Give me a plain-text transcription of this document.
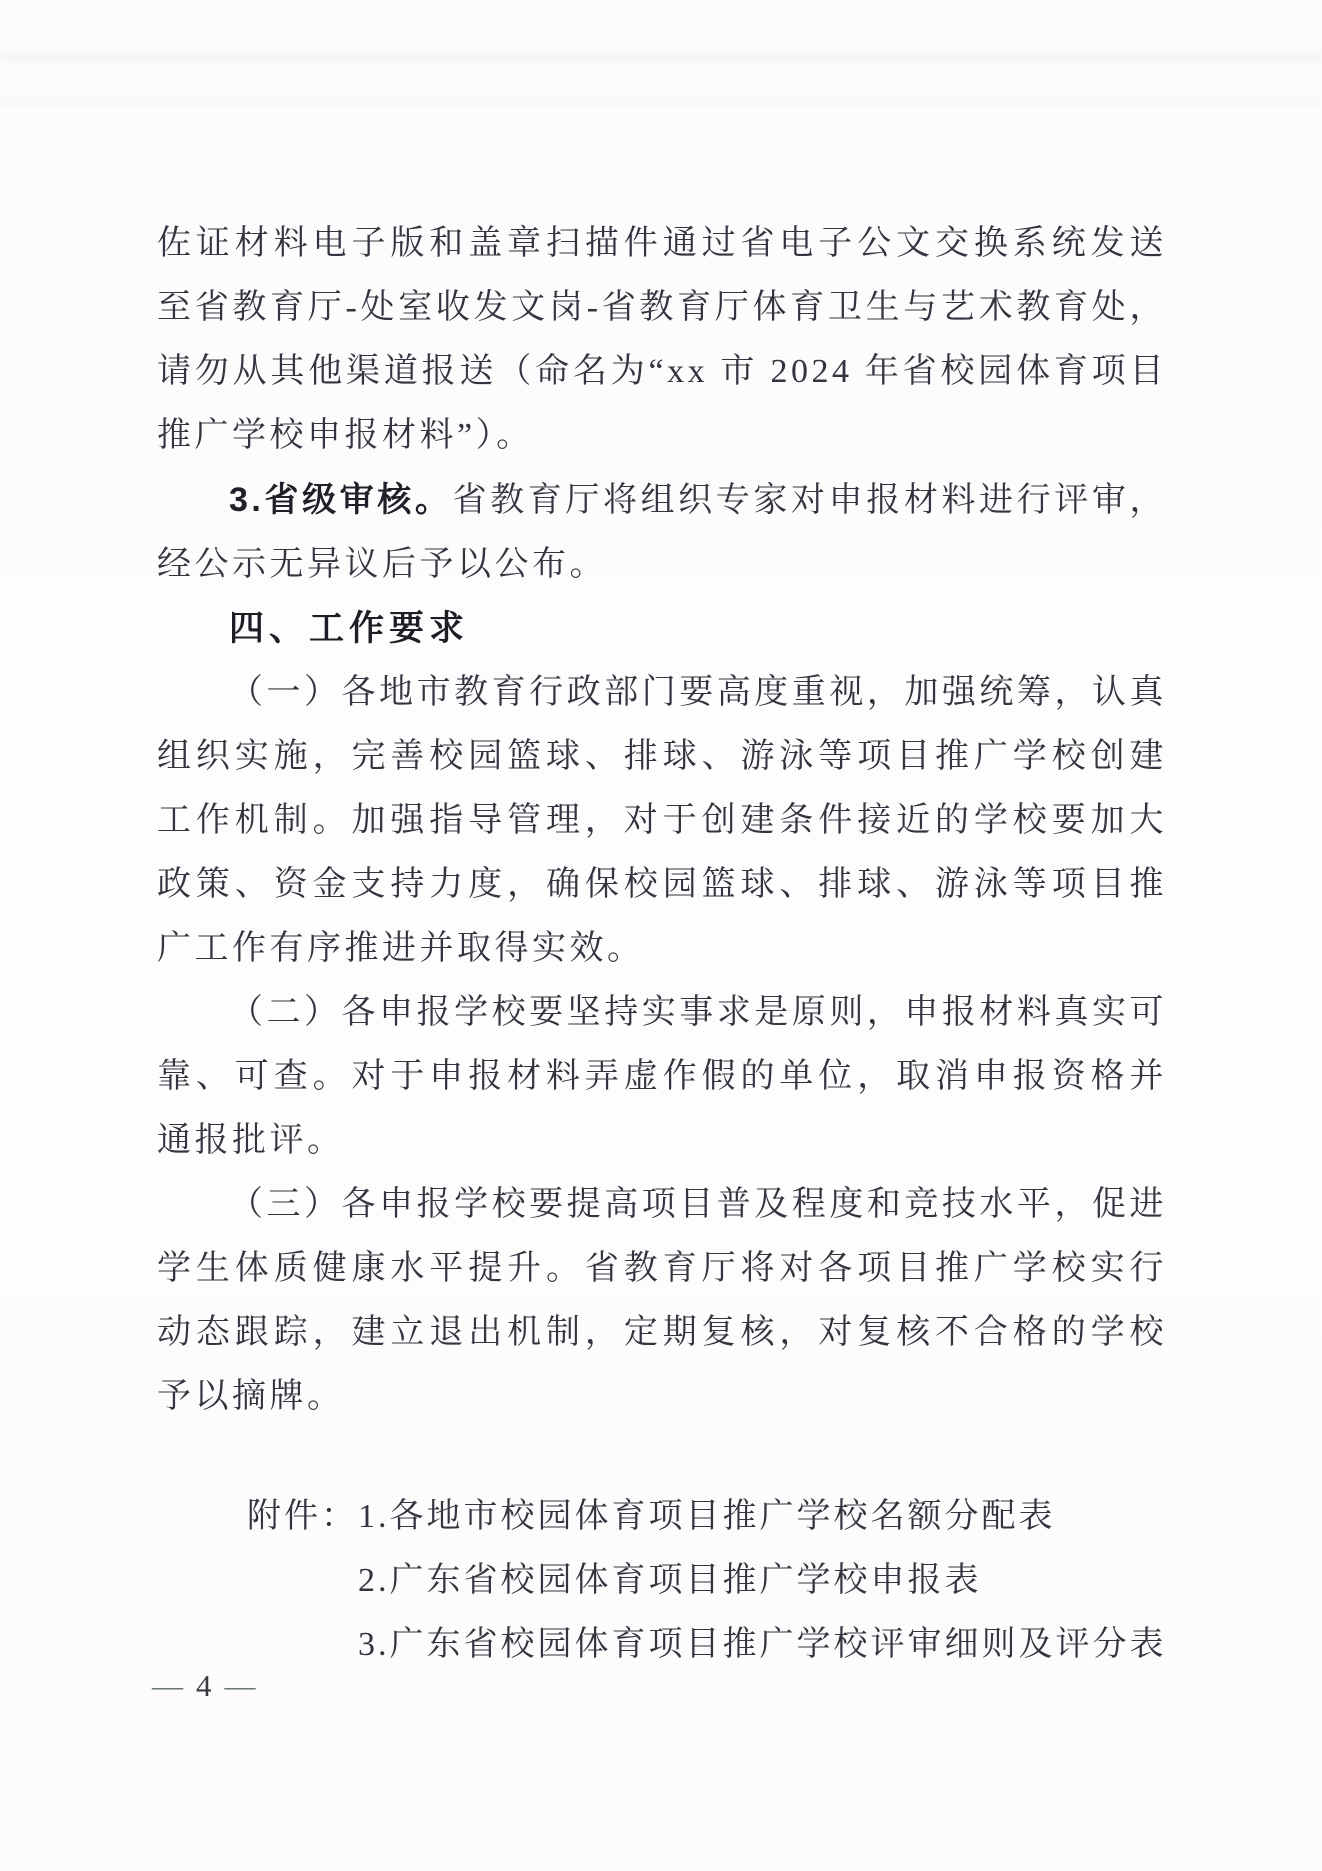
佐证材料电子版和盖章扫描件通过省电子公文交换系统发送至省教育厅-处室收发文岗-省教育厅体育卫生与艺术教育处，请勿从其他渠道报送（命名为“xx 市 2024 年省校园体育项目推广学校申报材料”）。

3.省级审核。省教育厅将组织专家对申报材料进行评审，经公示无异议后予以公布。

四、工作要求

（一）各地市教育行政部门要高度重视，加强统筹，认真组织实施，完善校园篮球、排球、游泳等项目推广学校创建工作机制。加强指导管理，对于创建条件接近的学校要加大政策、资金支持力度，确保校园篮球、排球、游泳等项目推广工作有序推进并取得实效。

（二）各申报学校要坚持实事求是原则，申报材料真实可靠、可查。对于申报材料弄虚作假的单位，取消申报资格并通报批评。

（三）各申报学校要提高项目普及程度和竞技水平，促进学生体质健康水平提升。省教育厅将对各项目推广学校实行动态跟踪，建立退出机制，定期复核，对复核不合格的学校予以摘牌。

附件： 1.各地市校园体育项目推广学校名额分配表
2.广东省校园体育项目推广学校申报表
3.广东省校园体育项目推广学校评审细则及评分表
— 4 —
